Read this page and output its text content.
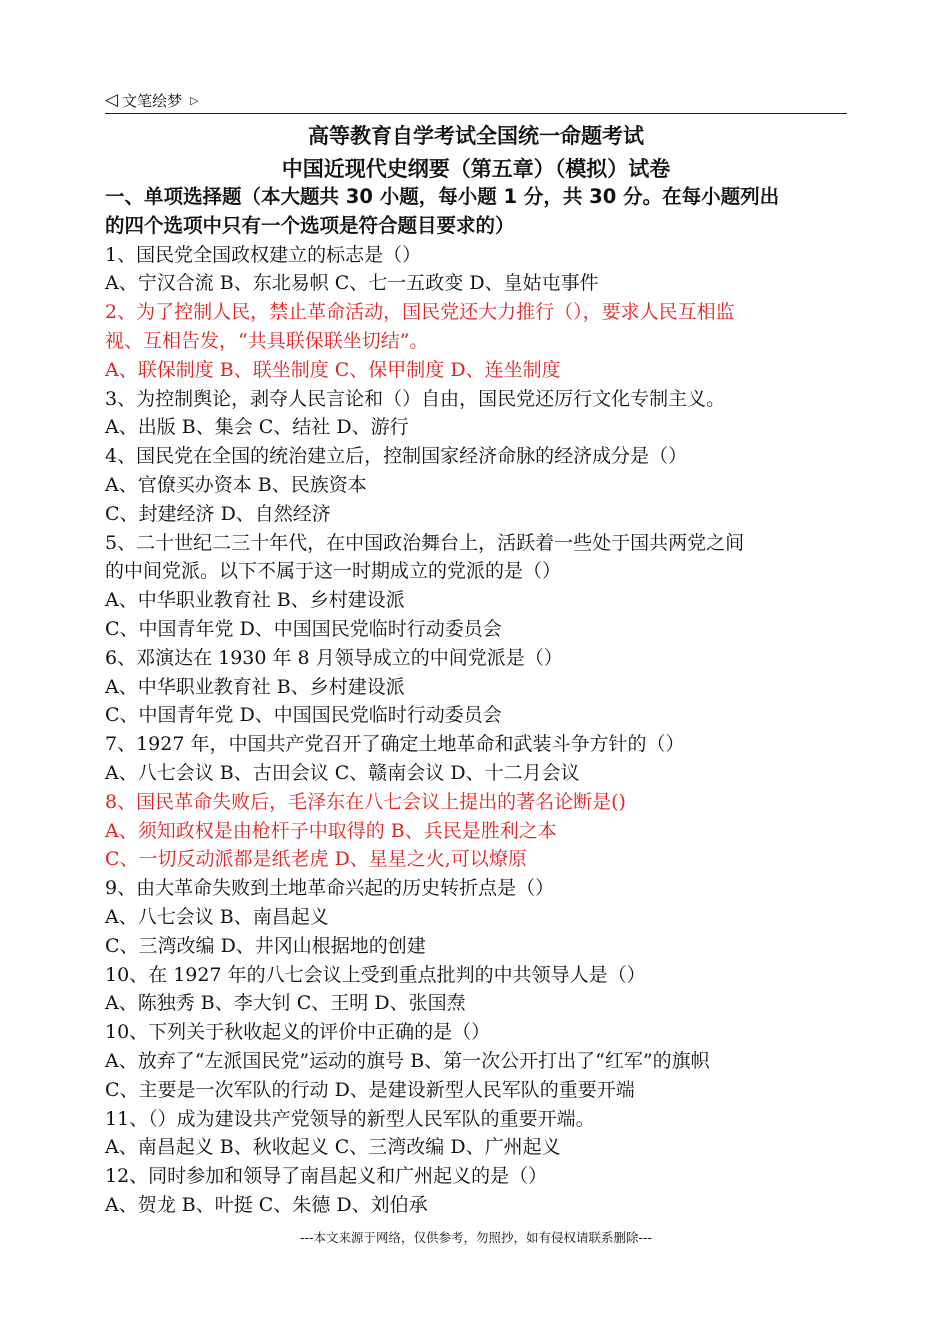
◁ 文笔绘梦 ▷
高等教育自学考试全国统一命题考试
中国近现代史纲要（第五章）（模拟）试卷
一、单项选择题（本大题共 30 小题，每小题 1 分，共 30 分。在每小题列出
的四个选项中只有一个选项是符合题目要求的）
1、国民党全国政权建立的标志是（）
A、宁汉合流 B、东北易帜 C、七一五政变 D、皇姑屯事件
2、为了控制人民，禁止革命活动，国民党还大力推行（），要求人民互相监
视、互相告发，“共具联保联坐切结”。
A、联保制度 B、联坐制度 C、保甲制度 D、连坐制度
3、为控制舆论，剥夺人民言论和（）自由，国民党还厉行文化专制主义。
A、出版 B、集会 C、结社 D、游行
4、国民党在全国的统治建立后，控制国家经济命脉的经济成分是（）
A、官僚买办资本 B、民族资本
C、封建经济 D、自然经济
5、二十世纪二三十年代，在中国政治舞台上，活跃着一些处于国共两党之间
的中间党派。以下不属于这一时期成立的党派的是（）
A、中华职业教育社 B、乡村建设派
C、中国青年党 D、中国国民党临时行动委员会
6、邓演达在 1930 年 8 月领导成立的中间党派是（）
A、中华职业教育社 B、乡村建设派
C、中国青年党 D、中国国民党临时行动委员会
7、1927 年，中国共产党召开了确定土地革命和武装斗争方针的（）
A、八七会议 B、古田会议 C、赣南会议 D、十二月会议
8、国民革命失败后，毛泽东在八七会议上提出的著名论断是()
A、须知政权是由枪杆子中取得的 B、兵民是胜利之本
C、一切反动派都是纸老虎 D、星星之火,可以燎原
9、由大革命失败到土地革命兴起的历史转折点是（）
A、八七会议 B、南昌起义
C、三湾改编 D、井冈山根据地的创建
10、在 1927 年的八七会议上受到重点批判的中共领导人是（）
A、陈独秀 B、李大钊 C、王明 D、张国焘
10、下列关于秋收起义的评价中正确的是（）
A、放弃了“左派国民党”运动的旗号 B、第一次公开打出了“红军”的旗帜
C、主要是一次军队的行动 D、是建设新型人民军队的重要开端
11、（）成为建设共产党领导的新型人民军队的重要开端。
A、南昌起义 B、秋收起义 C、三湾改编 D、广州起义
12、同时参加和领导了南昌起义和广州起义的是（）
A、贺龙 B、叶挺 C、朱德 D、刘伯承
---本文来源于网络，仅供参考，勿照抄，如有侵权请联系删除---
